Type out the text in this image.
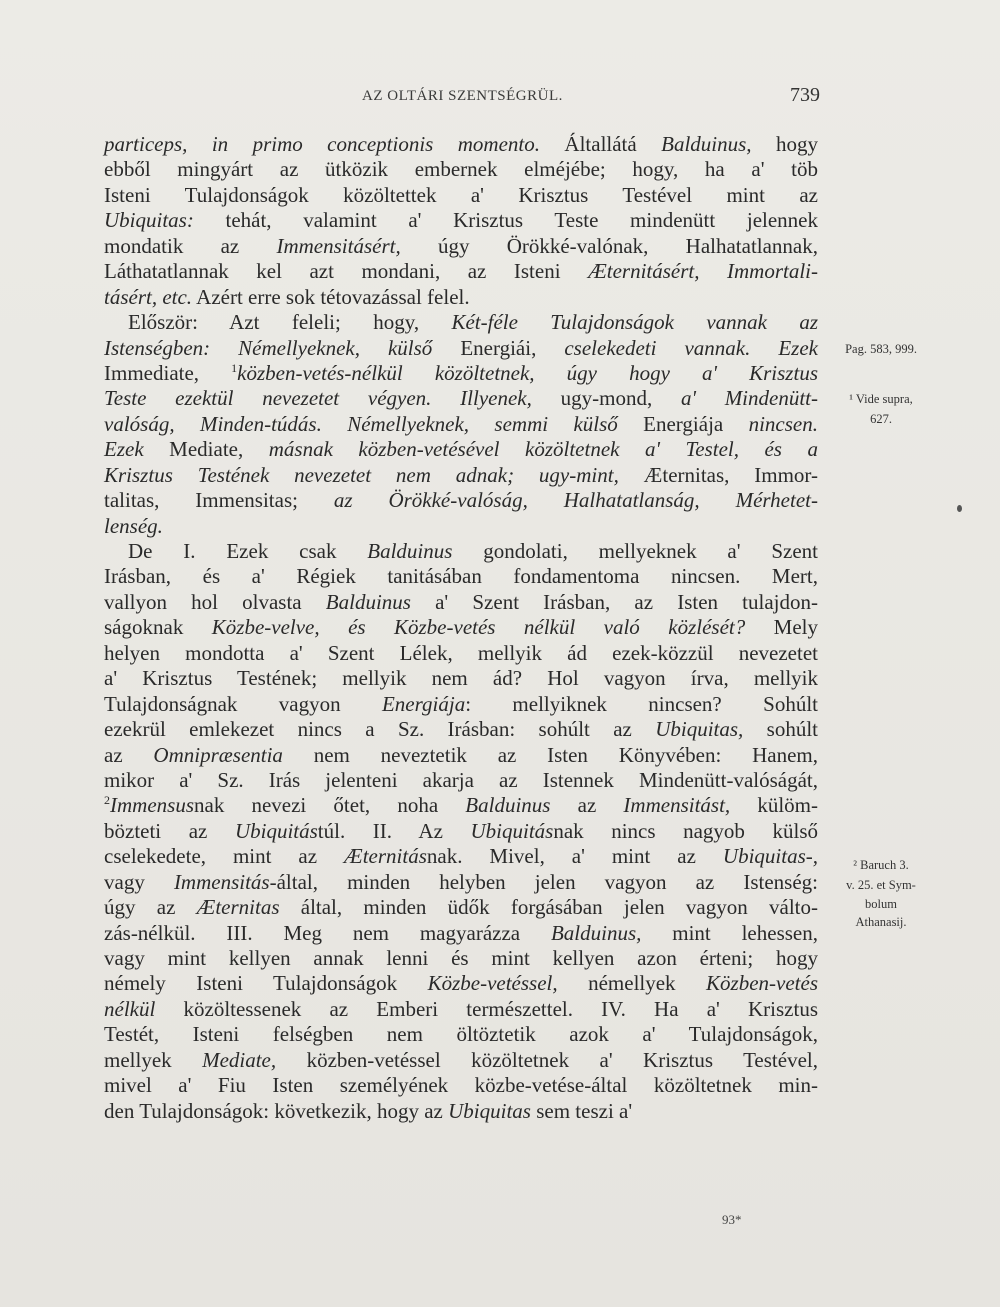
AZ OLTÁRI SZENTSÉGRÜL.	739
particeps, in primo conceptionis momento. Általlátá Balduinus, hogy
ebből mingyárt az ütközik embernek elméjébe; hogy, ha a' töb
Isteni Tulajdonságok közöltettek a' Krisztus Testével mint az
Ubiquitas: tehát, valamint a' Krisztus Teste mindenütt jelennek
mondatik az Immensitásért, úgy Örökké-valónak, Halhatatlannak,
Láthatatlannak kel azt mondani, az Isteni Æternitásért, Immortali-
tásért, etc. Azért erre sok tétovazással felel.
Először: Azt feleli; hogy, Két-féle Tulajdonságok vannak az
Istenségben: Némellyeknek, külső Energiái, cselekedeti vannak. Ezek
Immediate, $^1$közben-vetés-nélkül közöltetnek, úgy hogy a' Krisztus
Teste ezektül nevezetet végyen. Illyenek, ugy-mond, a' Mindenütt-
valóság, Minden-túdás. Némellyeknek, semmi külső Energiája nincsen.
Ezek Mediate, másnak közben-vetésével közöltetnek a' Testel, és a
Krisztus Testének nevezetet nem adnak; ugy-mint, Æternitas, Immor-
talitas, Immensitas; az Örökké-valóság, Halhatatlanság, Mérhetet-
lenség.
De I. Ezek csak Balduinus gondolati, mellyeknek a' Szent
Irásban, és a' Régiek tanitásában fondamentoma nincsen. Mert,
vallyon hol olvasta Balduinus a' Szent Irásban, az Isten tulajdon-
ságoknak Közbe-velve, és Közbe-vetés nélkül való közlését? Mely
helyen mondotta a' Szent Lélek, mellyik ád ezek-közzül nevezetet
a' Krisztus Testének; mellyik nem ád? Hol vagyon írva, mellyik
Tulajdonságnak vagyon Energiája: mellyiknek nincsen? Sohúlt
ezekrül emlekezet nincs a Sz. Irásban: sohúlt az Ubiquitas, sohúlt
az Omnipræsentia nem neveztetik az Isten Könyvében: Hanem,
mikor a' Sz. Irás jelenteni akarja az Istennek Mindenütt-valóságát,
$^2$Immensusnak nevezi őtet, noha Balduinus az Immensitást, külöm-
bözteti az Ubiquitástúl. II. Az Ubiquitásnak nincs nagyob külső
cselekedete, mint az Æternitásnak. Mivel, a' mint az Ubiquitas-,
vagy Immensitás-által, minden helyben jelen vagyon az Istenség:
úgy az Æternitas által, minden üdők forgásában jelen vagyon válto-
zás-nélkül. III. Meg nem magyarázza Balduinus, mint lehessen,
vagy mint kellyen annak lenni és mint kellyen azon érteni; hogy
némely Isteni Tulajdonságok Közbe-vetéssel, némellyek Közben-vetés
nélkül közöltessenek az Emberi természettel. IV. Ha a' Krisztus
Testét, Isteni felségben nem öltöztetik azok a' Tulajdonságok,
mellyek Mediate, közben-vetéssel közöltetnek a' Krisztus Testével,
mivel a' Fiu Isten személyének közbe-vetése-által közöltetnek min-
den Tulajdonságok: következik, hogy az Ubiquitas sem teszi a'
Pag. 583, 999.
¹ Vide supra,
627.
² Baruch 3.
v. 25. et Sym-
bolum
Athanasij.
93*
